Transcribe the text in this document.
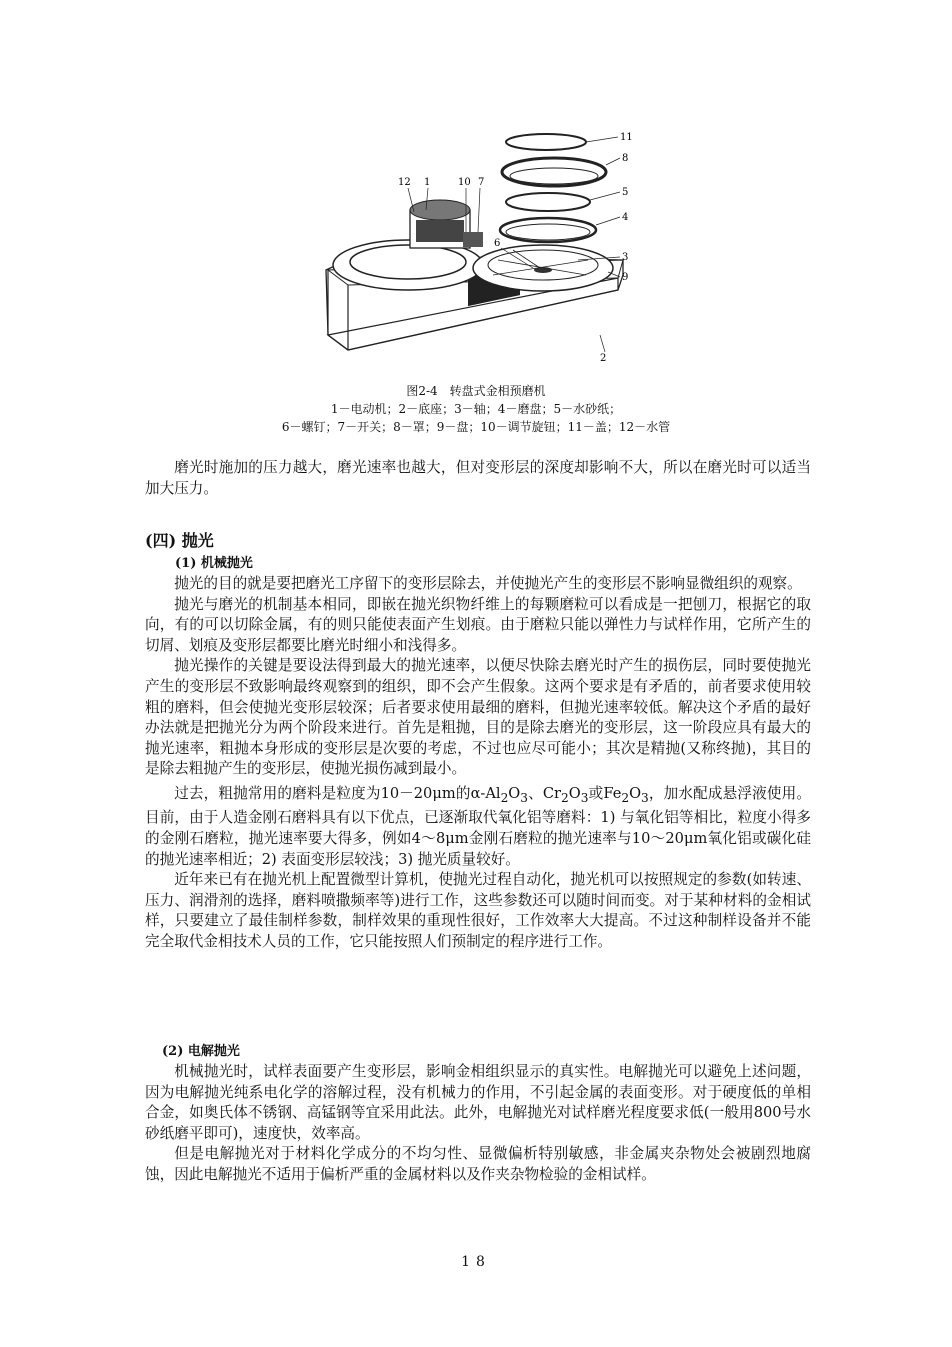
11
8
5
4
3
9
12 1	10 7
6
2
图2-4　转盘式金相预磨机
1－电动机；2－底座；3－轴；4－磨盘；5－水砂纸；
6－螺钉；7－开关；8－罩；9－盘；10－调节旋钮；11－盖；12－水管

磨光时施加的压力越大，磨光速率也越大，但对变形层的深度却影响不大，所以在磨光时可以适当加大压力。

(四) 抛光
(1) 机械抛光

抛光的目的就是要把磨光工序留下的变形层除去，并使抛光产生的变形层不影响显微组织的观察。

抛光与磨光的机制基本相同，即嵌在抛光织物纤维上的每颗磨粒可以看成是一把刨刀，根据它的取向，有的可以切除金属，有的则只能使表面产生划痕。由于磨粒只能以弹性力与试样作用，它所产生的切屑、划痕及变形层都要比磨光时细小和浅得多。

抛光操作的关键是要设法得到最大的抛光速率，以便尽快除去磨光时产生的损伤层，同时要使抛光产生的变形层不致影响最终观察到的组织，即不会产生假象。这两个要求是有矛盾的，前者要求使用较粗的磨料，但会使抛光变形层较深；后者要求使用最细的磨料，但抛光速率较低。解决这个矛盾的最好办法就是把抛光分为两个阶段来进行。首先是粗抛，目的是除去磨光的变形层，这一阶段应具有最大的抛光速率，粗抛本身形成的变形层是次要的考虑，不过也应尽可能小；其次是精抛(又称终抛)，其目的是除去粗抛产生的变形层，使抛光损伤减到最小。

过去，粗抛常用的磨料是粒度为10－20μm的$\alpha-Al_2O_3$、$Cr_2O_3$或$Fe_2O_3$，加水配成悬浮液使用。目前，由于人造金刚石磨料具有以下优点，已逐渐取代氧化铝等磨料：1) 与氧化铝等相比，粒度小得多的金刚石磨粒，抛光速率要大得多，例如4～8μm金刚石磨粒的抛光速率与10～20μm氧化铝或碳化硅的抛光速率相近；2) 表面变形层较浅；3) 抛光质量较好。

近年来已有在抛光机上配置微型计算机，使抛光过程自动化，抛光机可以按照规定的参数(如转速、压力、润滑剂的选择，磨料喷撒频率等)进行工作，这些参数还可以随时间而变。对于某种材料的金相试样，只要建立了最佳制样参数，制样效果的重现性很好，工作效率大大提高。不过这种制样设备并不能完全取代金相技术人员的工作，它只能按照人们预制定的程序进行工作。

(2) 电解抛光

机械抛光时，试样表面要产生变形层，影响金相组织显示的真实性。电解抛光可以避免上述问题，因为电解抛光纯系电化学的溶解过程，没有机械力的作用，不引起金属的表面变形。对于硬度低的单相合金，如奥氏体不锈钢、高锰钢等宜采用此法。此外，电解抛光对试样磨光程度要求低(一般用800号水砂纸磨平即可)，速度快，效率高。

但是电解抛光对于材料化学成分的不均匀性、显微偏析特别敏感，非金属夹杂物处会被剧烈地腐蚀，因此电解抛光不适用于偏析严重的金属材料以及作夹杂物检验的金相试样。

18
